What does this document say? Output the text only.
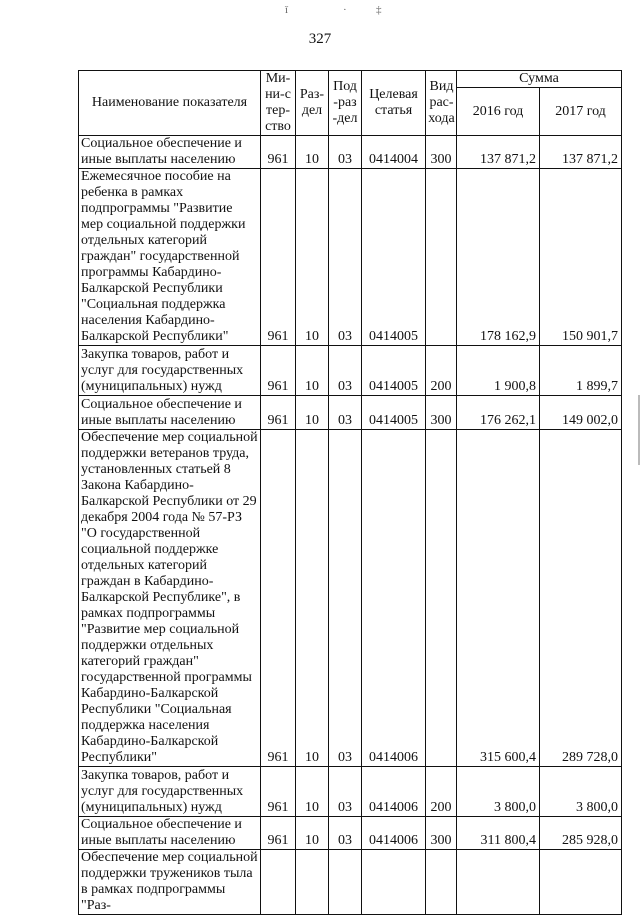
ǐ	·	‡
327
Наименование показателя	Ми-ни-стер-ство	Раз-дел	Под-раз-дел	Целевая статья	Вид рас-хода	Сумма	
						2016 год	2017 год
Социальное обеспечение и иные выплаты населению	961	10	03	0414004	300	137 871,2	137 871,2
Ежемесячное пособие на ребенка в рамках подпрограммы "Развитие мер социальной поддержки отдельных категорий граждан" государственной программы Кабардино-Балкарской Республики "Социальная поддержка населения Кабардино-Балкарской Республики"	961	10	03	0414005		178 162,9	150 901,7
Закупка товаров, работ и услуг для государственных (муниципальных) нужд	961	10	03	0414005	200	1 900,8	1 899,7
Социальное обеспечение и иные выплаты населению	961	10	03	0414005	300	176 262,1	149 002,0
Обеспечение мер социальной поддержки ветеранов труда, установленных статьей 8 Закона Кабардино-Балкарской Республики от 29 декабря 2004 года № 57-РЗ "О государственной социальной поддержке отдельных категорий граждан в Кабардино-Балкарской Республике", в рамках подпрограммы "Развитие мер социальной поддержки отдельных категорий граждан" государственной программы Кабардино-Балкарской Республики "Социальная поддержка населения Кабардино-Балкарской Республики"	961	10	03	0414006		315 600,4	289 728,0
Закупка товаров, работ и услуг для государственных (муниципальных) нужд	961	10	03	0414006	200	3 800,0	3 800,0
Социальное обеспечение и иные выплаты населению	961	10	03	0414006	300	311 800,4	285 928,0
Обеспечение мер социальной поддержки тружеников тыла в рамках подпрограммы "Раз-							
